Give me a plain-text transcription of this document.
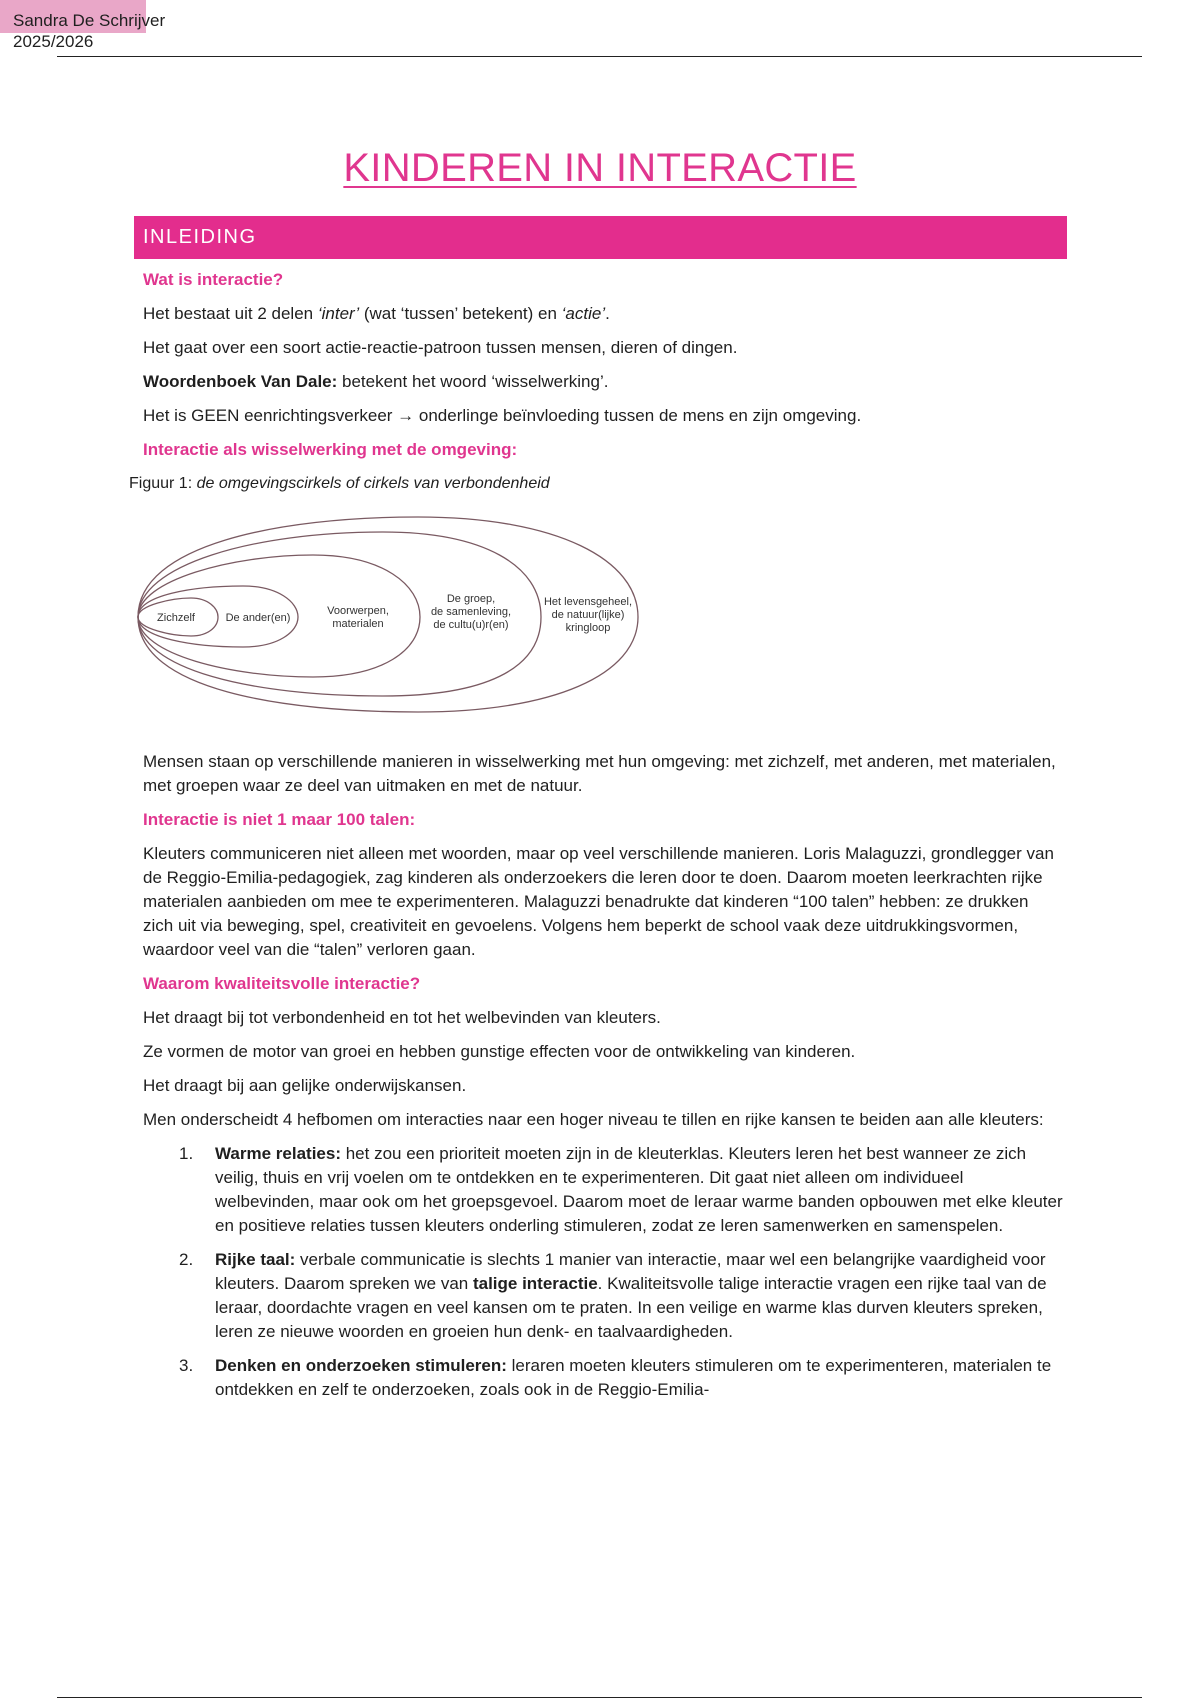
Sandra De Schrijver
2025/2026
KINDEREN IN INTERACTIE
INLEIDING
Wat is interactie?

Het bestaat uit 2 delen ‘inter’ (wat ‘tussen’ betekent) en ‘actie’.

Het gaat over een soort actie-reactie-patroon tussen mensen, dieren of dingen.

Woordenboek Van Dale: betekent het woord ‘wisselwerking’.

Het is GEEN eenrichtingsverkeer → onderlinge beïnvloeding tussen de mens en zijn omgeving.

Interactie als wisselwerking met de omgeving:
Figuur 1: de omgevingscirkels of cirkels van verbondenheid
Zichzelf	De ander(en)
Voorwerpen,
materialen
De groep,
de samenleving,
de cultu(u)r(en)
Het levensgeheel,
de natuur(lijke)
kringloop

Mensen staan op verschillende manieren in wisselwerking met hun omgeving: met zichzelf, met anderen, met materialen, met groepen waar ze deel van uitmaken en met de natuur.

Interactie is niet 1 maar 100 talen:

Kleuters communiceren niet alleen met woorden, maar op veel verschillende manieren. Loris Malaguzzi, grondlegger van de Reggio-Emilia-pedagogiek, zag kinderen als onderzoekers die leren door te doen. Daarom moeten leerkrachten rijke materialen aanbieden om mee te experimenteren. Malaguzzi benadrukte dat kinderen “100 talen” hebben: ze drukken zich uit via beweging, spel, creativiteit en gevoelens. Volgens hem beperkt de school vaak deze uitdrukkingsvormen, waardoor veel van die “talen” verloren gaan.

Waarom kwaliteitsvolle interactie?

Het draagt bij tot verbondenheid en tot het welbevinden van kleuters.

Ze vormen de motor van groei en hebben gunstige effecten voor de ontwikkeling van kinderen.

Het draagt bij aan gelijke onderwijskansen.

Men onderscheidt 4 hefbomen om interacties naar een hoger niveau te tillen en rijke kansen te beiden aan alle kleuters:

1. Warme relaties: het zou een prioriteit moeten zijn in de kleuterklas. Kleuters leren het best wanneer ze zich veilig, thuis en vrij voelen om te ontdekken en te experimenteren. Dit gaat niet alleen om individueel welbevinden, maar ook om het groepsgevoel. Daarom moet de leraar warme banden opbouwen met elke kleuter en positieve relaties tussen kleuters onderling stimuleren, zodat ze leren samenwerken en samenspelen.
2. Rijke taal: verbale communicatie is slechts 1 manier van interactie, maar wel een belangrijke vaardigheid voor kleuters. Daarom spreken we van talige interactie. Kwaliteitsvolle talige interactie vragen een rijke taal van de leraar, doordachte vragen en veel kansen om te praten. In een veilige en warme klas durven kleuters spreken, leren ze nieuwe woorden en groeien hun denk- en taalvaardigheden.
3. Denken en onderzoeken stimuleren: leraren moeten kleuters stimuleren om te experimenteren, materialen te ontdekken en zelf te onderzoeken, zoals ook in de Reggio-Emilia-
